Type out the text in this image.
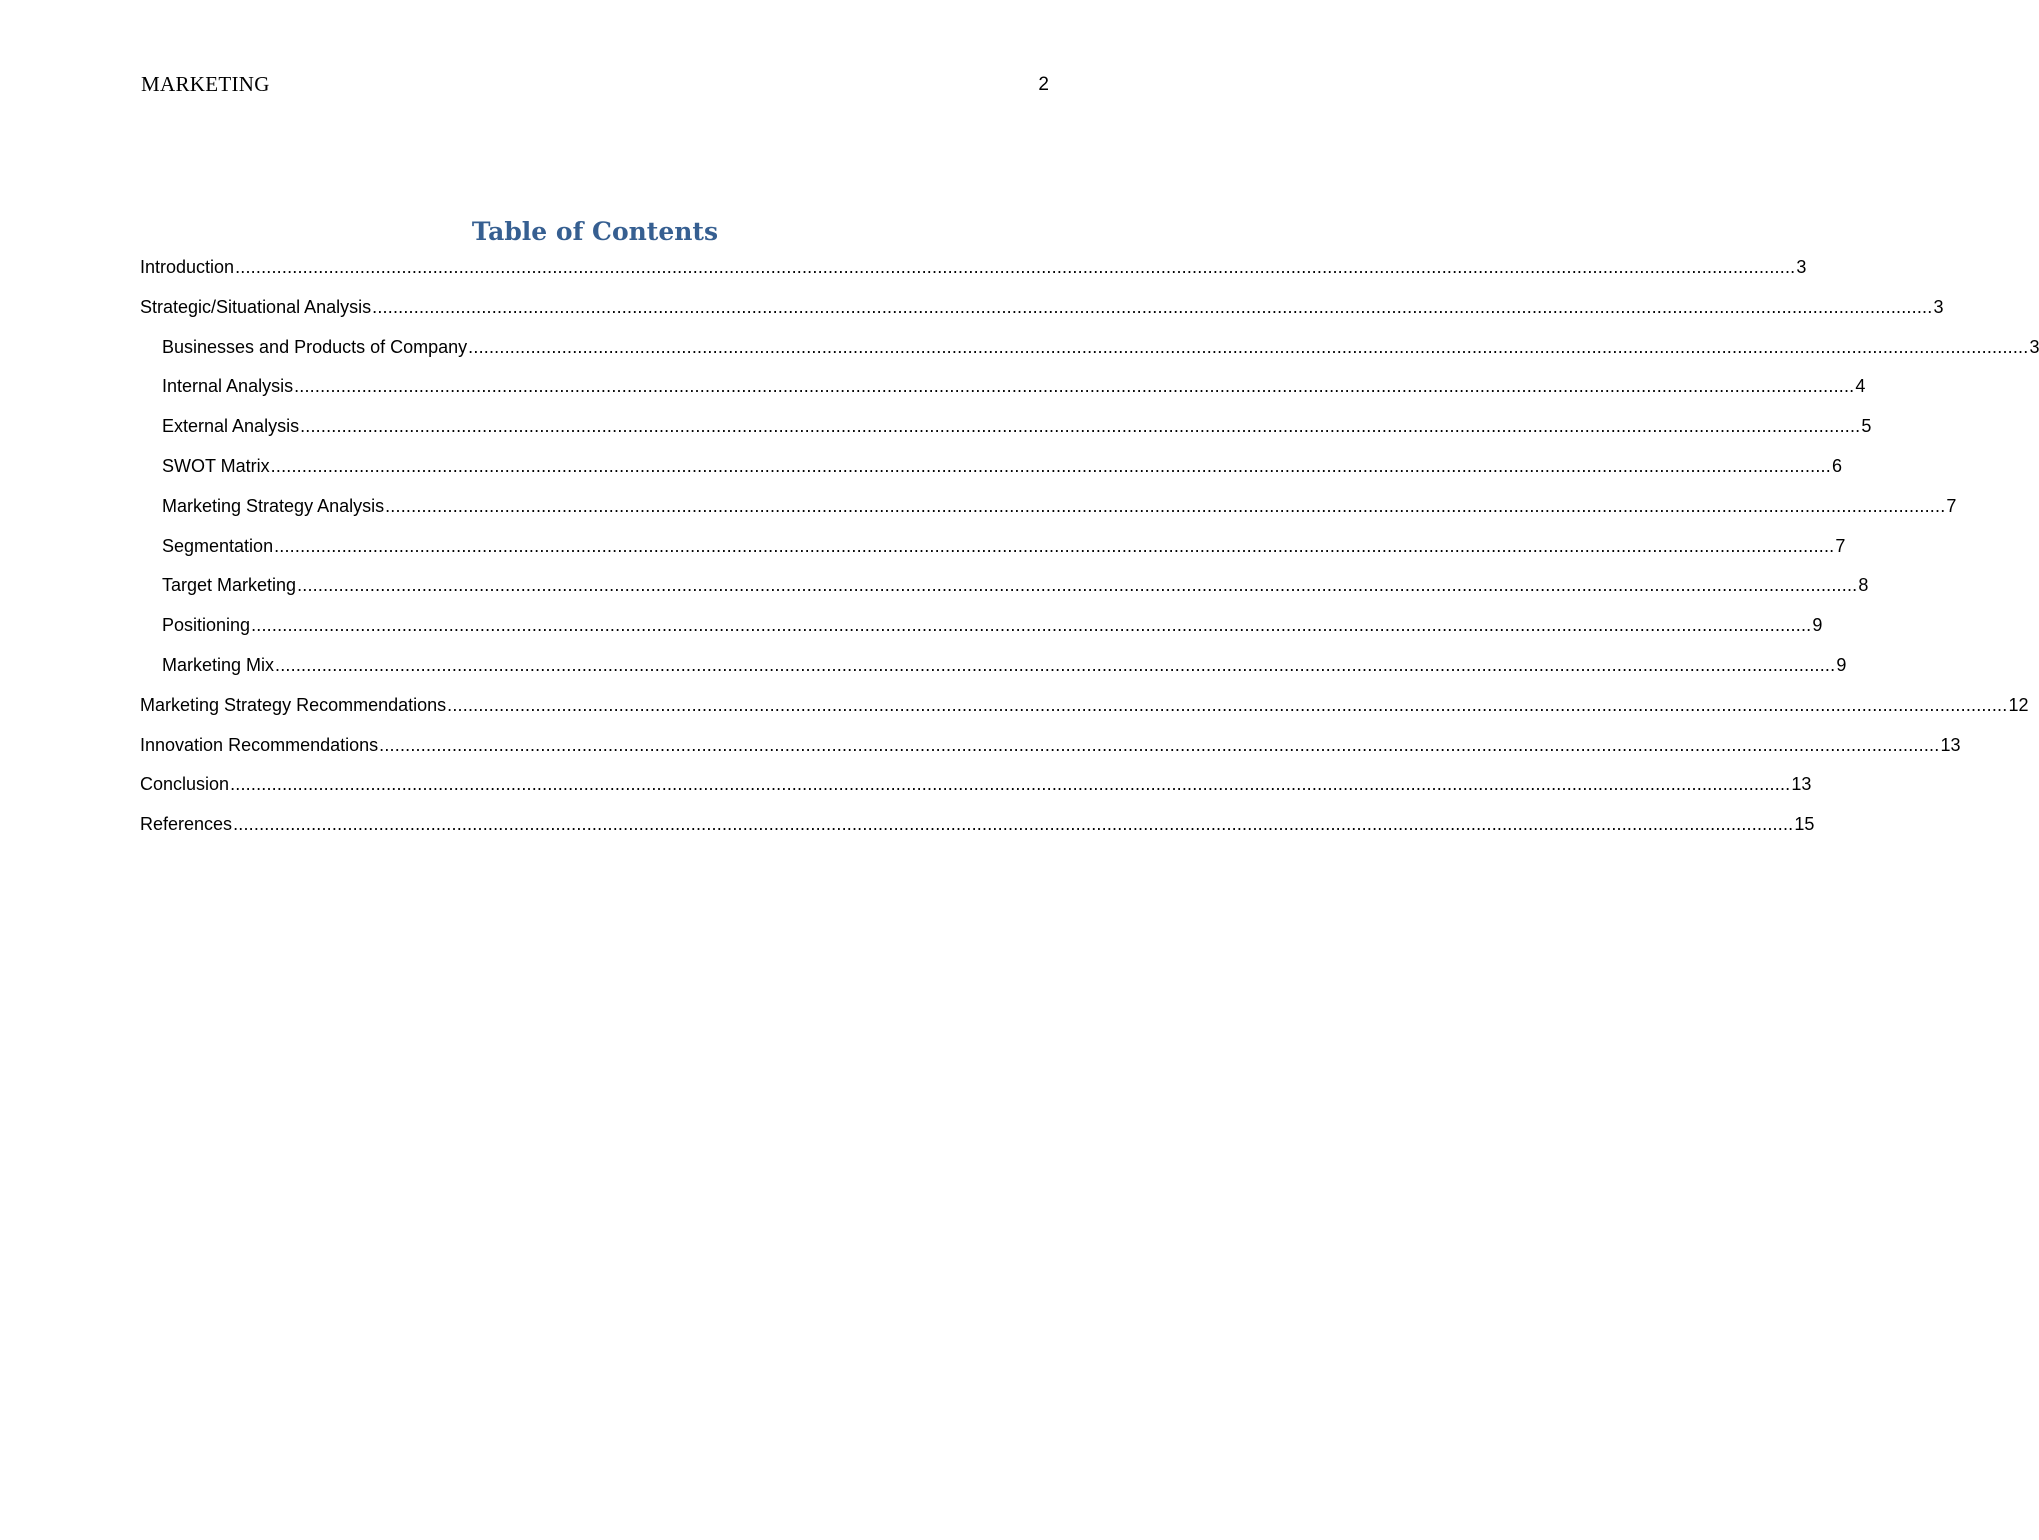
MARKETING	2
Table of Contents
Introduction ............................................................................................................................................................................................................................................................................................................ 3
Strategic/Situational Analysis ............................................................................................................................................................................................................................................................................................................ 3
Businesses and Products of Company ............................................................................................................................................................................................................................................................................................................ 3
Internal Analysis ............................................................................................................................................................................................................................................................................................................ 4
External Analysis ............................................................................................................................................................................................................................................................................................................ 5
SWOT Matrix ............................................................................................................................................................................................................................................................................................................ 6
Marketing Strategy Analysis ............................................................................................................................................................................................................................................................................................................ 7
Segmentation ............................................................................................................................................................................................................................................................................................................ 7
Target Marketing ............................................................................................................................................................................................................................................................................................................ 8
Positioning ............................................................................................................................................................................................................................................................................................................ 9
Marketing Mix ............................................................................................................................................................................................................................................................................................................ 9
Marketing Strategy Recommendations ............................................................................................................................................................................................................................................................................................................ 12
Innovation Recommendations ............................................................................................................................................................................................................................................................................................................ 13
Conclusion ............................................................................................................................................................................................................................................................................................................ 13
References ............................................................................................................................................................................................................................................................................................................ 15
